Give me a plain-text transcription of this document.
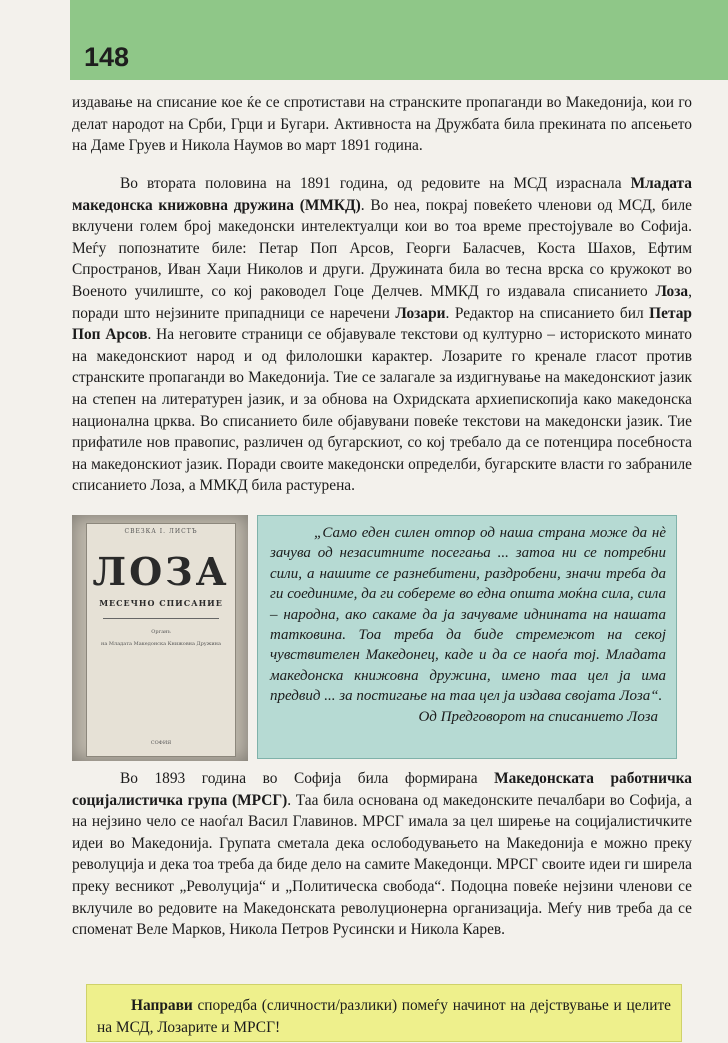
148

издавање на списание кое ќе се спротистави на странските пропаганди во Македонија, кои го делат народот на Срби, Грци и Бугари. Активноста на Дружбата била прекината по апсењето на Даме Груев и Никола Наумов во март 1891 година.

Во втората половина на 1891 година, од редовите на МСД израснала Младата македонска книжовна дружина (ММКД). Во неа, покрај повеќето членови од МСД, биле вклучени голем број македонски интелектуалци кои во тоа време престојувале во Софија. Меѓу попознатите биле: Петар Поп Арсов, Георги Баласчев, Коста Шахов, Ефтим Спространов, Иван Хаџи Николов и други. Дружината била во тесна врска со кружокот во Военото училиште, со кој раководел Гоце Делчев. ММКД го издавала списанието Лоза, поради што нејзините припадници се наречени Лозари. Редактор на списанието бил Петар Поп Арсов. На неговите страници се објавувале текстови од културно – историското минато на македонскиот народ и од филолошки карактер. Лозарите го кренале гласот против странските пропаганди во Македонија. Тие се залагале за издигнување на македонскиот јазик на степен на литературен јазик, и за обнова на Охридската архиепископија како македонска национална црква. Во списанието биле објавувани повеќе текстови на македонски јазик. Тие прифатиле нов правопис, различен од бугарскиот, со кој требало да се потенцира посебноста на македонскиот јазик. Поради своите македонски определби, бугарските власти го забраниле списанието Лоза, а ММКД била растурена.

СВЕЗКА I. ЛИСТЪ
ЛОЗА
МЕСЕЧНО СПИСАНИЕ
Органъ
на Младата Македонска Книжовна Дружина
СОФИЯ

„Само еден силен отпор од наша страна може да нè зачува од незаситните посегања ... затоа ни се потребни сили, а нашите се разнебитени, раздробени, значи треба да ги соединиме, да ги собереме во една општа моќна сила, сила – народна, ако сакаме да ја зачуваме иднината на нашата татковина. Тоа треба да биде стремежот на секој чувствителен Македонец, каде и да се наоѓа тој. Младата македонска книжовна дружина, имено таа цел ја има предвид ... за постигање на таа цел ја издава својата Лоза“.

Од Предговорот на списанието Лоза

Во 1893 година во Софија била формирана Македонската работничка социјалистичка група (МРСГ). Таа била основана од македонските печалбари во Софија, а на нејзино чело се наоѓал Васил Главинов. МРСГ имала за цел ширење на социјалистичките идеи во Македонија. Групата сметала дека ослободувањето на Македонија е можно преку револуција и дека тоа треба да биде дело на самите Македонци. МРСГ своите идеи ги ширела преку весникот „Револуција“ и „Политическа свобода“. Подоцна повеќе нејзини членови се вклучиле во редовите на Македонската револуционерна организација. Меѓу нив треба да се споменат Веле Марков, Никола Петров Русински и Никола Карев.

Направи споредба (сличности/разлики) помеѓу начинот на дејствување и целите на МСД, Лозарите и МРСГ!
